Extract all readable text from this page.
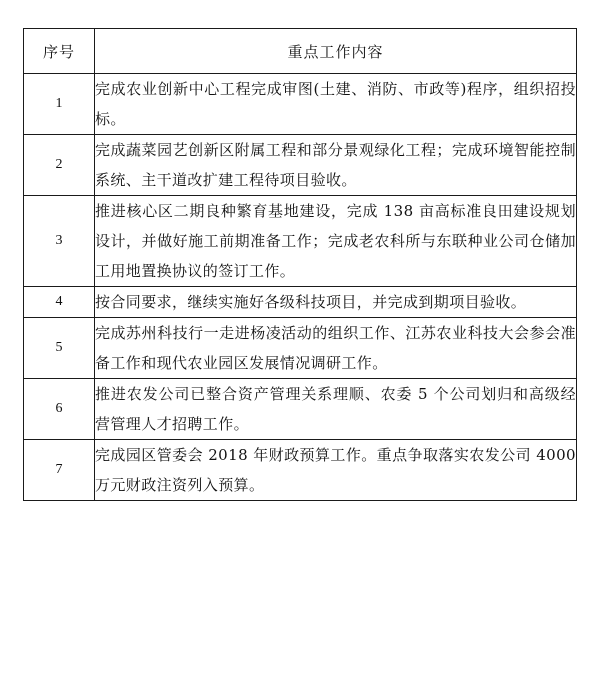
序号	重点工作内容
1	完成农业创新中心工程完成审图(土建、消防、市政等)程序，组织招投标。
2	完成蔬菜园艺创新区附属工程和部分景观绿化工程；完成环境智能控制系统、主干道改扩建工程待项目验收。
3	推进核心区二期良种繁育基地建设，完成 138 亩高标准良田建设规划设计，并做好施工前期准备工作；完成老农科所与东联种业公司仓储加工用地置换协议的签订工作。
4	按合同要求，继续实施好各级科技项目，并完成到期项目验收。
5	完成苏州科技行一走进杨凌活动的组织工作、江苏农业科技大会参会准备工作和现代农业园区发展情况调研工作。
6	推进农发公司已整合资产管理关系理顺、农委 5 个公司划归和高级经营管理人才招聘工作。
7	完成园区管委会 2018 年财政预算工作。重点争取落实农发公司 4000 万元财政注资列入预算。
